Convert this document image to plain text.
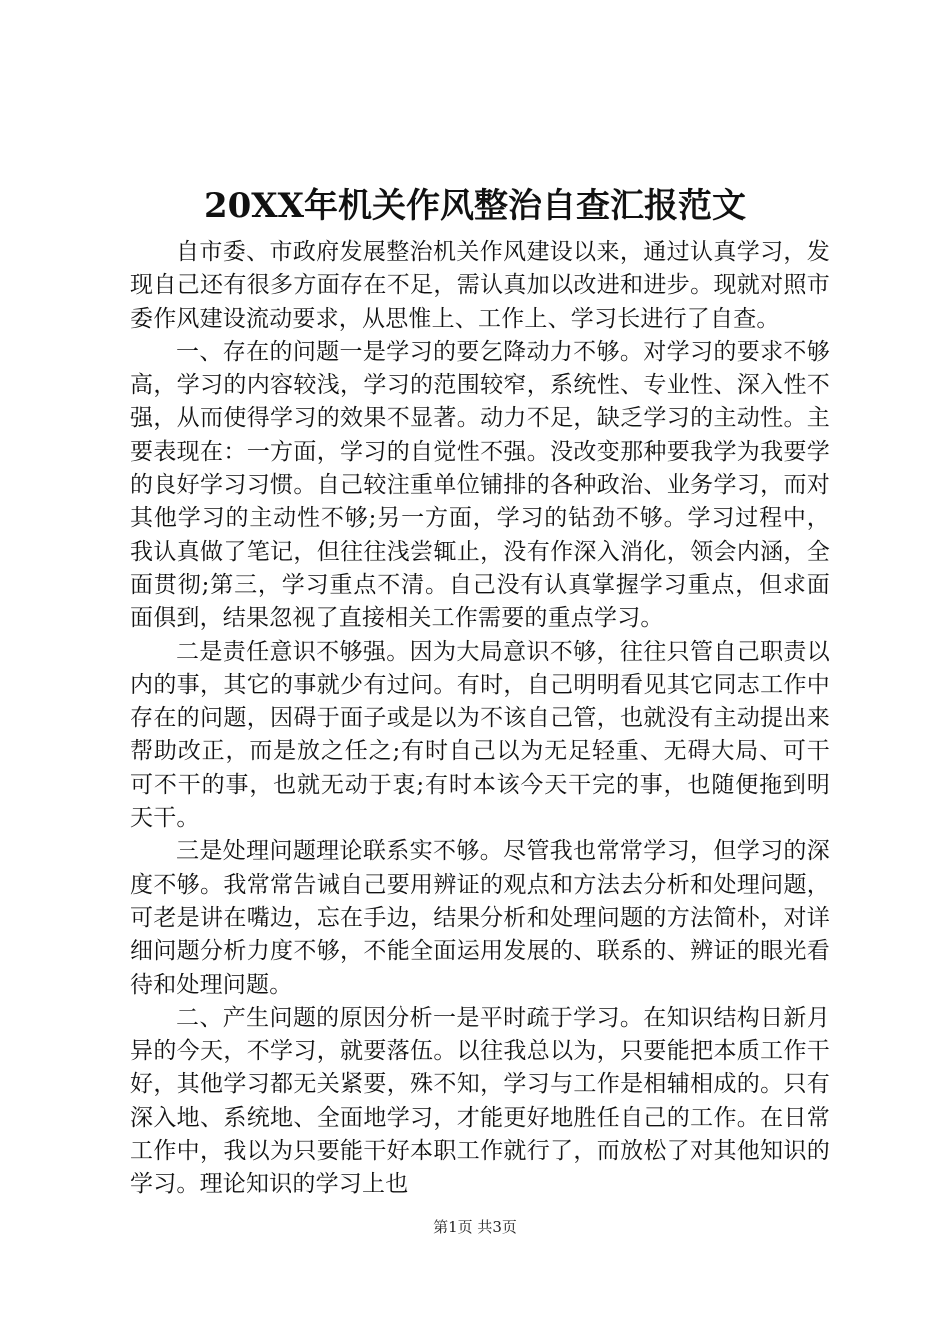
20XX年机关作风整治自查汇报范文

自市委、市政府发展整治机关作风建设以来，通过认真学习，发现自己还有很多方面存在不足，需认真加以改进和进步。现就对照市委作风建设流动要求，从思惟上、工作上、学习长进行了自查。

一、存在的问题一是学习的要乞降动力不够。对学习的要求不够高，学习的内容较浅，学习的范围较窄，系统性、专业性、深入性不强，从而使得学习的效果不显著。动力不足，缺乏学习的主动性。主要表现在：一方面，学习的自觉性不强。没改变那种要我学为我要学的良好学习习惯。自己较注重单位铺排的各种政治、业务学习，而对其他学习的主动性不够;另一方面，学习的钻劲不够。学习过程中，我认真做了笔记，但往往浅尝辄止，没有作深入消化，领会内涵，全面贯彻;第三，学习重点不清。自己没有认真掌握学习重点，但求面面俱到，结果忽视了直接相关工作需要的重点学习。

二是责任意识不够强。因为大局意识不够，往往只管自己职责以内的事，其它的事就少有过问。有时，自己明明看见其它同志工作中存在的问题，因碍于面子或是以为不该自己管，也就没有主动提出来帮助改正，而是放之任之;有时自己以为无足轻重、无碍大局、可干可不干的事，也就无动于衷;有时本该今天干完的事，也随便拖到明天干。

三是处理问题理论联系实不够。尽管我也常常学习，但学习的深度不够。我常常告诫自己要用辨证的观点和方法去分析和处理问题，可老是讲在嘴边，忘在手边，结果分析和处理问题的方法简朴，对详细问题分析力度不够，不能全面运用发展的、联系的、辨证的眼光看待和处理问题。

二、产生问题的原因分析一是平时疏于学习。在知识结构日新月异的今天，不学习，就要落伍。以往我总以为，只要能把本质工作干好，其他学习都无关紧要，殊不知，学习与工作是相辅相成的。只有深入地、系统地、全面地学习，才能更好地胜任自己的工作。在日常工作中，我以为只要能干好本职工作就行了，而放松了对其他知识的学习。理论知识的学习上也

第1页 共3页
